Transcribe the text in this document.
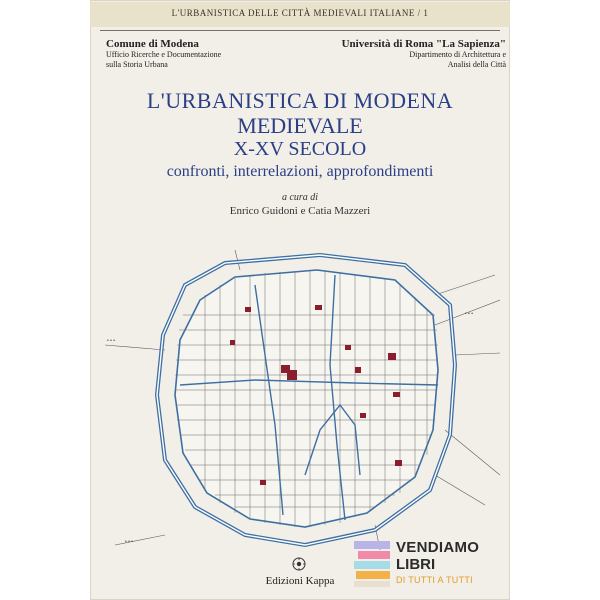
L'URBANISTICA DELLE CITTÀ MEDIEVALI ITALIANE / 1
Comune di Modena
Ufficio Ricerche e Documentazione
sulla Storia Urbana
Università di Roma "La Sapienza"
Dipartimento di Architettura e
Analisi della Città
L'URBANISTICA DI MODENA
MEDIEVALE
X-XV SECOLO
confronti, interrelazioni, approfondimenti
a cura di
Enrico Guidoni e Catia Mazzeri
• • •
• • •
• • •
Edizioni Kappa
VENDIAMO
LIBRI
DI TUTTI A TUTTI
